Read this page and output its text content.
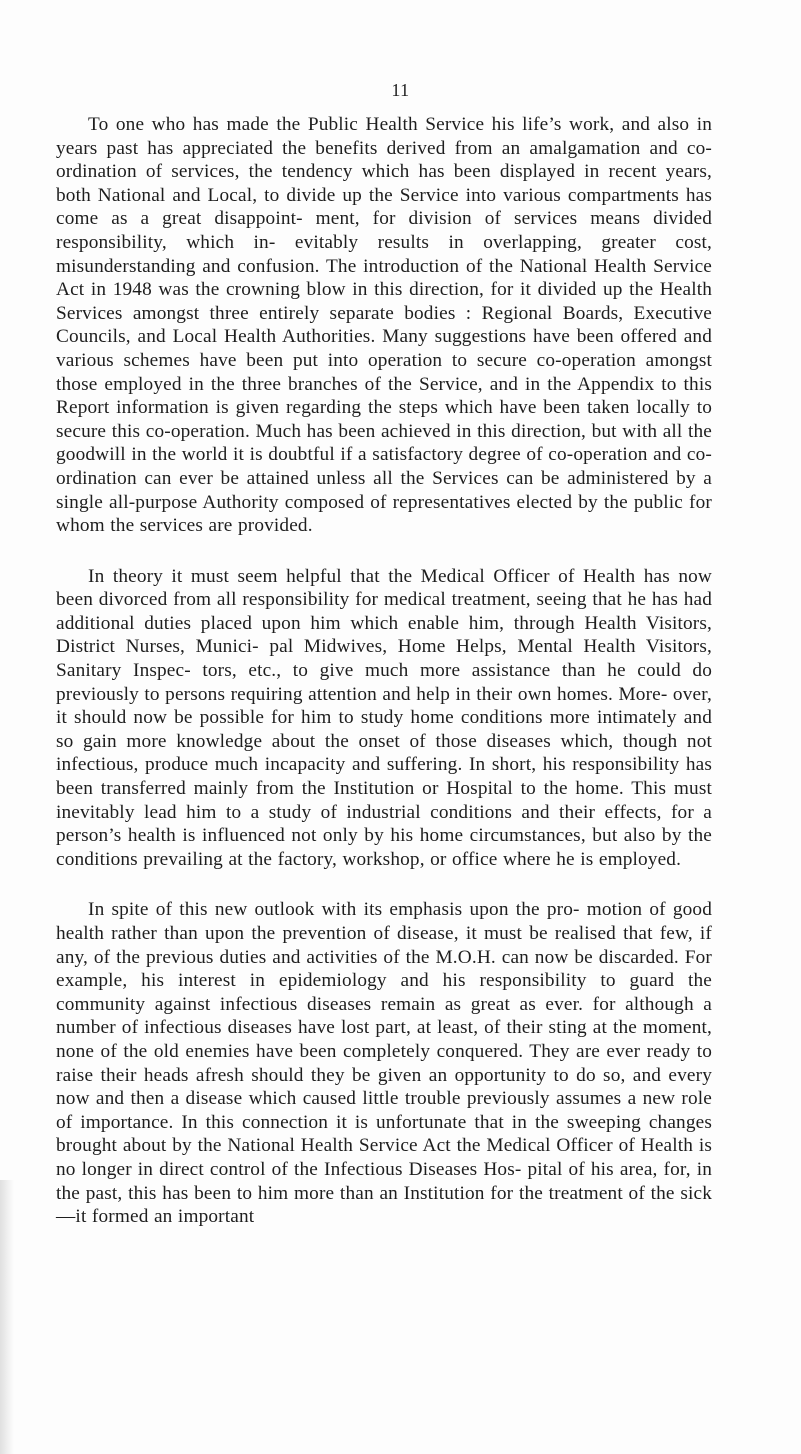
11

To one who has made the Public Health Service his life’s work, and also in years past has appreciated the benefits derived from an amalgamation and co-ordination of services, the tendency which has been displayed in recent years, both National and Local, to divide up the Service into various compartments has come as a great disappoint- ment, for division of services means divided responsibility, which in- evitably results in overlapping, greater cost, misunderstanding and confusion. The introduction of the National Health Service Act in 1948 was the crowning blow in this direction, for it divided up the Health Services amongst three entirely separate bodies : Regional Boards, Executive Councils, and Local Health Authorities. Many suggestions have been offered and various schemes have been put into operation to secure co-operation amongst those employed in the three branches of the Service, and in the Appendix to this Report information is given regarding the steps which have been taken locally to secure this co-operation. Much has been achieved in this direction, but with all the goodwill in the world it is doubtful if a satisfactory degree of co-operation and co-ordination can ever be attained unless all the Services can be administered by a single all-purpose Authority composed of representatives elected by the public for whom the services are provided.

In theory it must seem helpful that the Medical Officer of Health has now been divorced from all responsibility for medical treatment, seeing that he has had additional duties placed upon him which enable him, through Health Visitors, District Nurses, Munici- pal Midwives, Home Helps, Mental Health Visitors, Sanitary Inspec- tors, etc., to give much more assistance than he could do previously to persons requiring attention and help in their own homes. More- over, it should now be possible for him to study home conditions more intimately and so gain more knowledge about the onset of those diseases which, though not infectious, produce much incapacity and suffering. In short, his responsibility has been transferred mainly from the Institution or Hospital to the home. This must inevitably lead him to a study of industrial conditions and their effects, for a person’s health is influenced not only by his home circumstances, but also by the conditions prevailing at the factory, workshop, or office where he is employed.

In spite of this new outlook with its emphasis upon the pro- motion of good health rather than upon the prevention of disease, it must be realised that few, if any, of the previous duties and activities of the M.O.H. can now be discarded. For example, his interest in epidemiology and his responsibility to guard the community against infectious diseases remain as great as ever. for although a number of infectious diseases have lost part, at least, of their sting at the moment, none of the old enemies have been completely conquered. They are ever ready to raise their heads afresh should they be given an opportunity to do so, and every now and then a disease which caused little trouble previously assumes a new role of importance. In this connection it is unfortunate that in the sweeping changes brought about by the National Health Service Act the Medical Officer of Health is no longer in direct control of the Infectious Diseases Hos- pital of his area, for, in the past, this has been to him more than an Institution for the treatment of the sick—it formed an important
